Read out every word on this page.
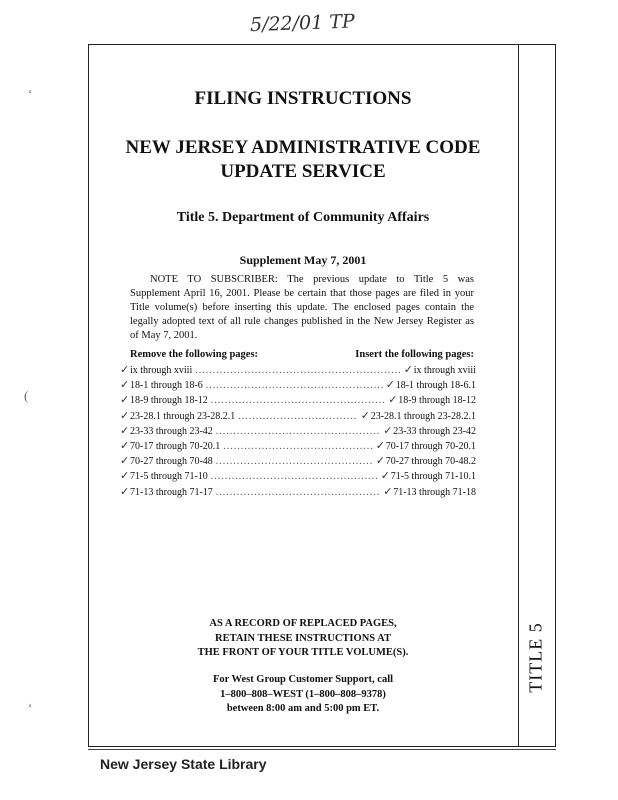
5/22/01 TP
TITLE 5
‘
(
‘
FILING INSTRUCTIONS
NEW JERSEY ADMINISTRATIVE CODE
UPDATE SERVICE
Title 5. Department of Community Affairs
Supplement May 7, 2001
NOTE TO SUBSCRIBER: The previous update to Title 5 was
Supplement April 16, 2001. Please be certain that those pages are filed in your Title volume(s) before inserting this update. The enclosed pages contain the legally adopted text of all rule changes published in the New Jersey Register as of May 7, 2001.
Remove the following pages:	Insert the following pages:
✓ ix through xviii .....	✓ ix through xviii
✓ 18-1 through 18-6 .....	✓ 18-1 through 18-6.1
✓ 18-9 through 18-12 .....	✓ 18-9 through 18-12
✓ 23-28.1 through 23-28.2.1 .....	✓ 23-28.1 through 23-28.2.1
✓ 23-33 through 23-42 .....	✓ 23-33 through 23-42
✓ 70-17 through 70-20.1 .....	✓ 70-17 through 70-20.1
✓ 70-27 through 70-48 .....	✓ 70-27 through 70-48.2
✓ 71-5 through 71-10 .....	✓ 71-5 through 71-10.1
✓ 71-13 through 71-17 .....	✓ 71-13 through 71-18
AS A RECORD OF REPLACED PAGES,
RETAIN THESE INSTRUCTIONS AT
THE FRONT OF YOUR TITLE VOLUME(S).
For West Group Customer Support, call
1–800–808–WEST (1–800–808–9378)
between 8:00 am and 5:00 pm ET.
New Jersey State Library
